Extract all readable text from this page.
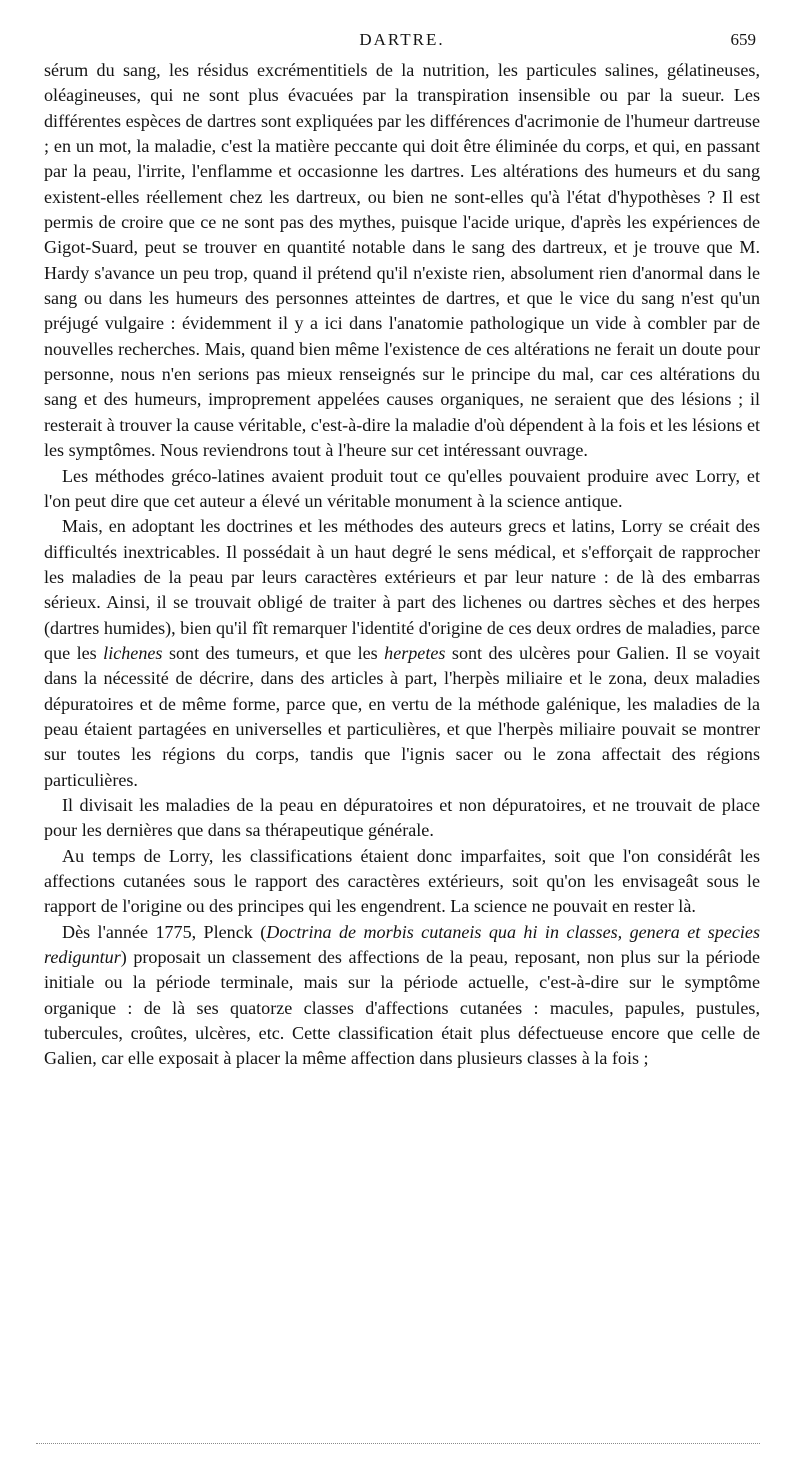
DARTRE.	659

sérum du sang, les résidus excrémentitiels de la nutrition, les particules salines, gélatineuses, oléagineuses, qui ne sont plus évacuées par la transpiration insensible ou par la sueur. Les différentes espèces de dartres sont expliquées par les différences d'acrimonie de l'humeur dartreuse ; en un mot, la maladie, c'est la matière peccante qui doit être éliminée du corps, et qui, en passant par la peau, l'irrite, l'enflamme et occasionne les dartres. Les altérations des humeurs et du sang existent-elles réellement chez les dartreux, ou bien ne sont-elles qu'à l'état d'hypothèses ? Il est permis de croire que ce ne sont pas des mythes, puisque l'acide urique, d'après les expériences de Gigot-Suard, peut se trouver en quantité notable dans le sang des dartreux, et je trouve que M. Hardy s'avance un peu trop, quand il prétend qu'il n'existe rien, absolument rien d'anormal dans le sang ou dans les humeurs des personnes atteintes de dartres, et que le vice du sang n'est qu'un préjugé vulgaire : évidemment il y a ici dans l'anatomie pathologique un vide à combler par de nouvelles recherches. Mais, quand bien même l'existence de ces altérations ne ferait un doute pour personne, nous n'en serions pas mieux renseignés sur le principe du mal, car ces altérations du sang et des humeurs, improprement appelées causes organiques, ne seraient que des lésions ; il resterait à trouver la cause véritable, c'est-à-dire la maladie d'où dépendent à la fois et les lésions et les symptômes. Nous reviendrons tout à l'heure sur cet intéressant ouvrage.

Les méthodes gréco-latines avaient produit tout ce qu'elles pouvaient produire avec Lorry, et l'on peut dire que cet auteur a élevé un véritable monument à la science antique.

Mais, en adoptant les doctrines et les méthodes des auteurs grecs et latins, Lorry se créait des difficultés inextricables. Il possédait à un haut degré le sens médical, et s'efforçait de rapprocher les maladies de la peau par leurs caractères extérieurs et par leur nature : de là des embarras sérieux. Ainsi, il se trouvait obligé de traiter à part des lichenes ou dartres sèches et des herpes (dartres humides), bien qu'il fît remarquer l'identité d'origine de ces deux ordres de maladies, parce que les lichenes sont des tumeurs, et que les herpetes sont des ulcères pour Galien. Il se voyait dans la nécessité de décrire, dans des articles à part, l'herpès miliaire et le zona, deux maladies dépuratoires et de même forme, parce que, en vertu de la méthode galénique, les maladies de la peau étaient partagées en universelles et particulières, et que l'herpès miliaire pouvait se montrer sur toutes les régions du corps, tandis que l'ignis sacer ou le zona affectait des régions particulières.

Il divisait les maladies de la peau en dépuratoires et non dépuratoires, et ne trouvait de place pour les dernières que dans sa thérapeutique générale.

Au temps de Lorry, les classifications étaient donc imparfaites, soit que l'on considérât les affections cutanées sous le rapport des caractères extérieurs, soit qu'on les envisageât sous le rapport de l'origine ou des principes qui les engendrent. La science ne pouvait en rester là.

Dès l'année 1775, Plenck (Doctrina de morbis cutaneis qua hi in classes, genera et species rediguntur) proposait un classement des affections de la peau, reposant, non plus sur la période initiale ou la période terminale, mais sur la période actuelle, c'est-à-dire sur le symptôme organique : de là ses quatorze classes d'affections cutanées : macules, papules, pustules, tubercules, croûtes, ulcères, etc. Cette classification était plus défectueuse encore que celle de Galien, car elle exposait à placer la même affection dans plusieurs classes à la fois ;
